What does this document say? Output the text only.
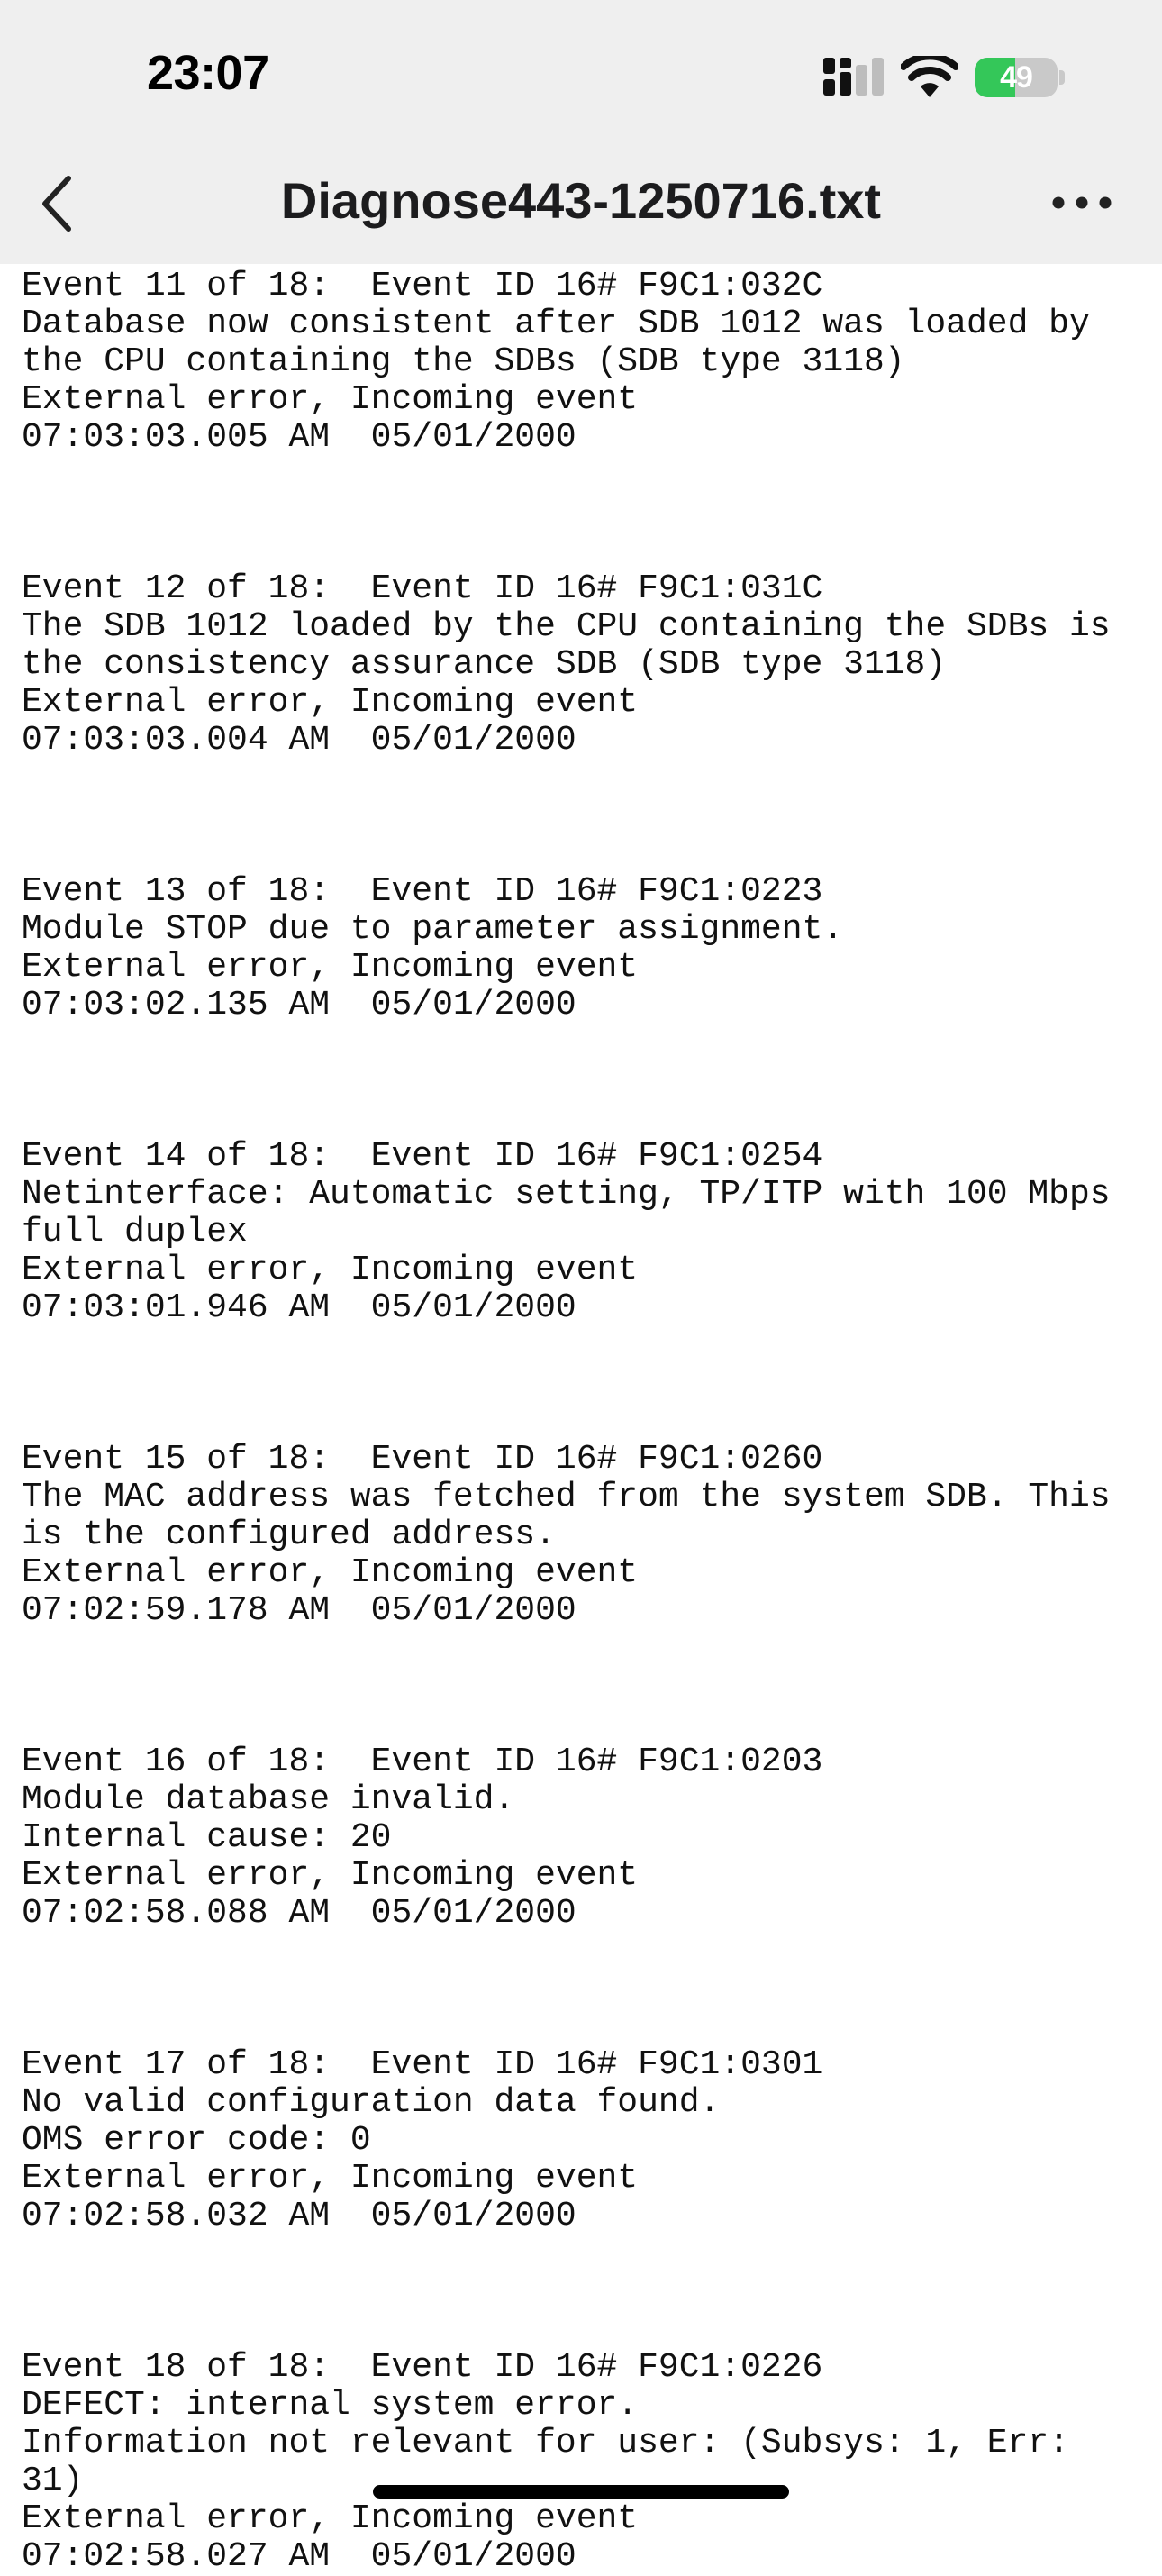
23:07	49
Diagnose443-1250716.txt
Event 11 of 18:  Event ID 16# F9C1:032C
Database now consistent after SDB 1012 was loaded by
the CPU containing the SDBs (SDB type 3118)
External error, Incoming event
07:03:03.005 AM  05/01/2000
Event 12 of 18:  Event ID 16# F9C1:031C
The SDB 1012 loaded by the CPU containing the SDBs is
the consistency assurance SDB (SDB type 3118)
External error, Incoming event
07:03:03.004 AM  05/01/2000
Event 13 of 18:  Event ID 16# F9C1:0223
Module STOP due to parameter assignment.
External error, Incoming event
07:03:02.135 AM  05/01/2000
Event 14 of 18:  Event ID 16# F9C1:0254
Netinterface: Automatic setting, TP/ITP with 100 Mbps
full duplex
External error, Incoming event
07:03:01.946 AM  05/01/2000
Event 15 of 18:  Event ID 16# F9C1:0260
The MAC address was fetched from the system SDB. This
is the configured address.
External error, Incoming event
07:02:59.178 AM  05/01/2000
Event 16 of 18:  Event ID 16# F9C1:0203
Module database invalid.
Internal cause: 20
External error, Incoming event
07:02:58.088 AM  05/01/2000
Event 17 of 18:  Event ID 16# F9C1:0301
No valid configuration data found.
OMS error code: 0
External error, Incoming event
07:02:58.032 AM  05/01/2000
Event 18 of 18:  Event ID 16# F9C1:0226
DEFECT: internal system error.
Information not relevant for user: (Subsys: 1, Err:
31)
External error, Incoming event
07:02:58.027 AM  05/01/2000
